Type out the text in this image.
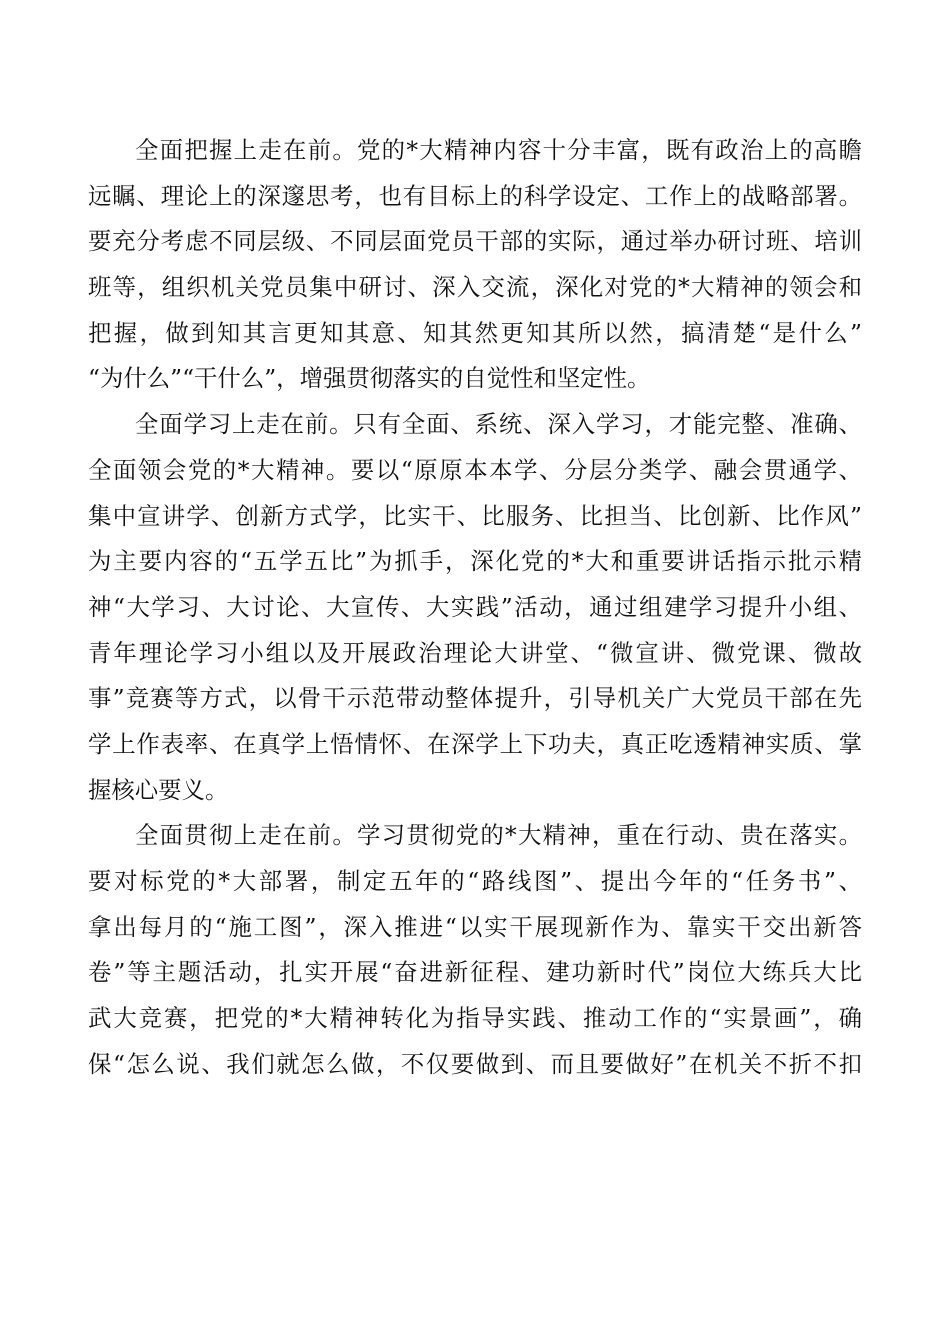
全面把握上走在前。党的*大精神内容十分丰富，既有政治上的高瞻
远瞩、理论上的深邃思考，也有目标上的科学设定、工作上的战略部署。
要充分考虑不同层级、不同层面党员干部的实际，通过举办研讨班、培训
班等，组织机关党员集中研讨、深入交流，深化对党的*大精神的领会和
把握，做到知其言更知其意、知其然更知其所以然，搞清楚“是什么”
“为什么”“干什么”，增强贯彻落实的自觉性和坚定性。
全面学习上走在前。只有全面、系统、深入学习，才能完整、准确、
全面领会党的*大精神。要以“原原本本学、分层分类学、融会贯通学、
集中宣讲学、创新方式学，比实干、比服务、比担当、比创新、比作风”
为主要内容的“五学五比”为抓手，深化党的*大和重要讲话指示批示精
神“大学习、大讨论、大宣传、大实践”活动，通过组建学习提升小组、
青年理论学习小组以及开展政治理论大讲堂、“微宣讲、微党课、微故
事”竞赛等方式，以骨干示范带动整体提升，引导机关广大党员干部在先
学上作表率、在真学上悟情怀、在深学上下功夫，真正吃透精神实质、掌
握核心要义。
全面贯彻上走在前。学习贯彻党的*大精神，重在行动、贵在落实。
要对标党的*大部署，制定五年的“路线图”、提出今年的“任务书”、
拿出每月的“施工图”，深入推进“以实干展现新作为、靠实干交出新答
卷”等主题活动，扎实开展“奋进新征程、建功新时代”岗位大练兵大比
武大竞赛，把党的*大精神转化为指导实践、推动工作的“实景画”，确
保“怎么说、我们就怎么做，不仅要做到、而且要做好”在机关不折不扣
